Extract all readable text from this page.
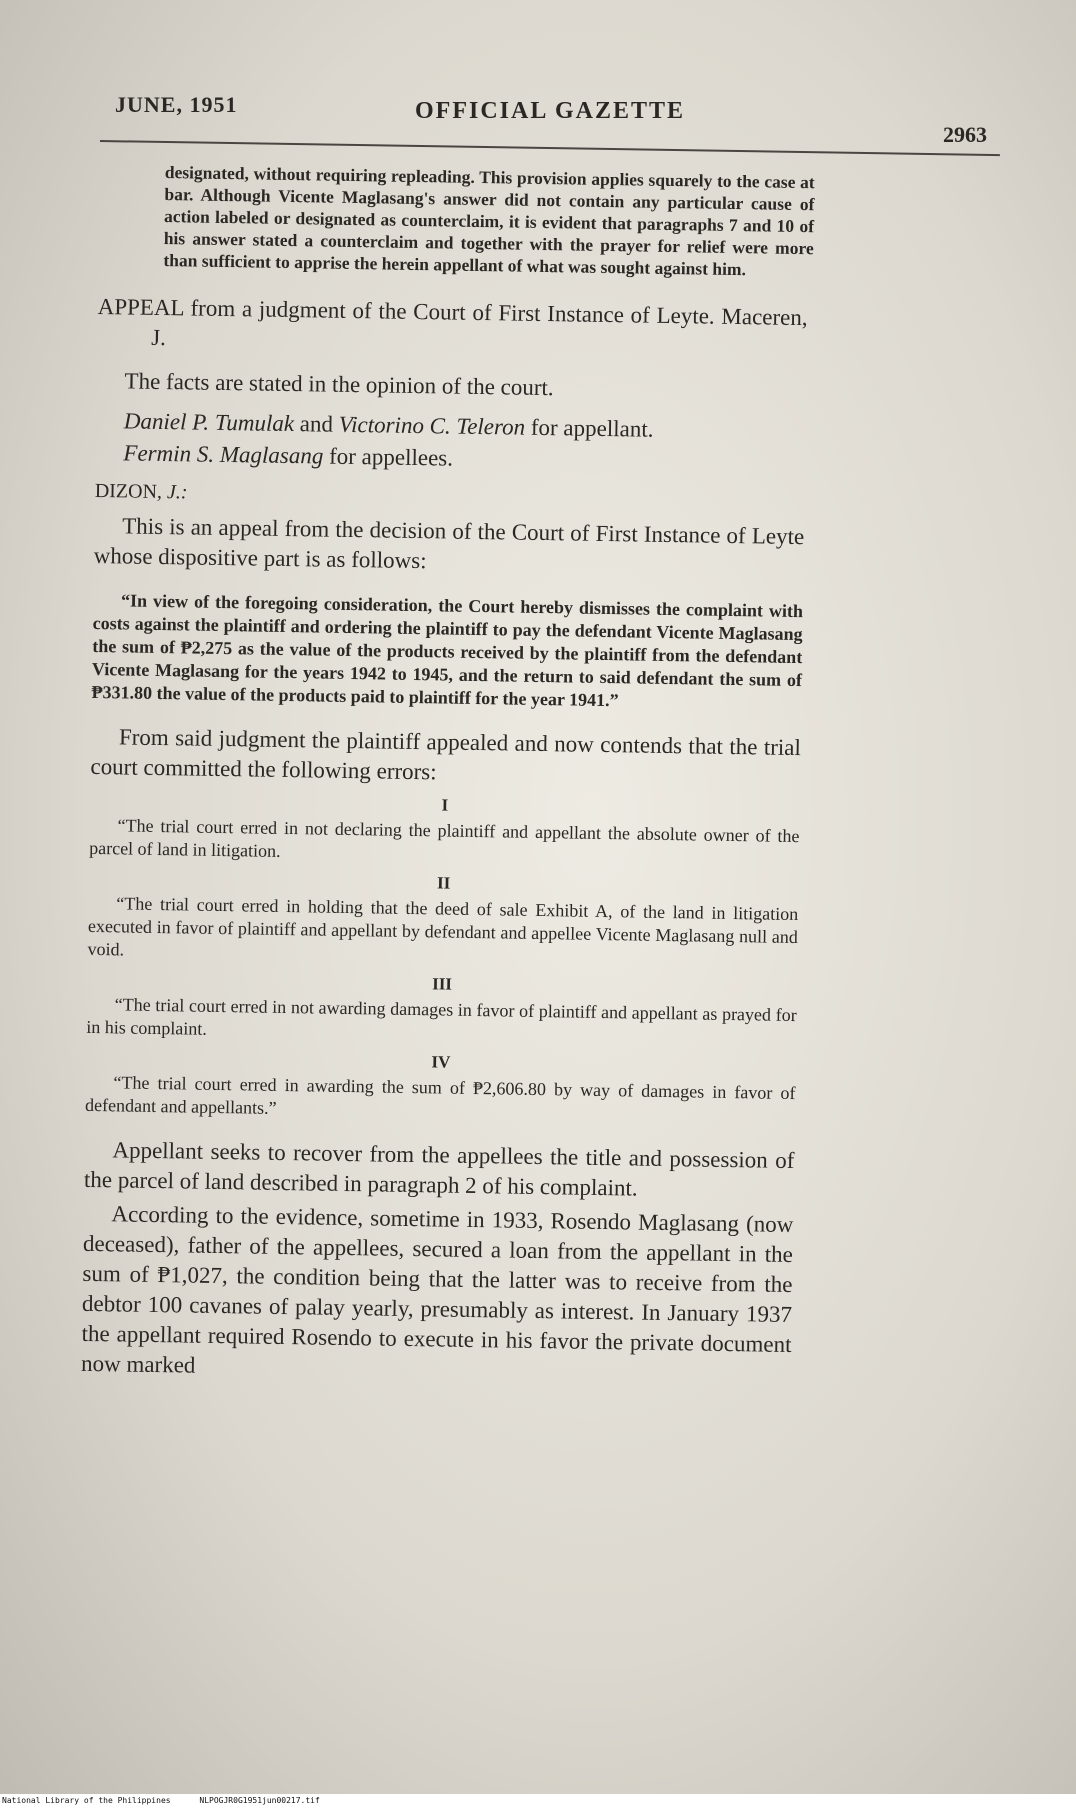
JUNE, 1951	OFFICIAL GAZETTE
2963

designated, without requiring repleading. This provision applies squarely to the case at bar. Although Vicente Maglasang's answer did not contain any particular cause of action labeled or designated as counterclaim, it is evident that paragraphs 7 and 10 of his answer stated a counterclaim and together with the prayer for relief were more than sufficient to apprise the herein appellant of what was sought against him.

APPEAL from a judgment of the Court of First Instance of Leyte. Maceren, J.

The facts are stated in the opinion of the court.

Daniel P. Tumulak and Victorino C. Teleron for appellant.

Fermin S. Maglasang for appellees.

DIZON, J.:

This is an appeal from the decision of the Court of First Instance of Leyte whose dispositive part is as follows:

“In view of the foregoing consideration, the Court hereby dismisses the complaint with costs against the plaintiff and ordering the plaintiff to pay the defendant Vicente Maglasang the sum of ₱2,275 as the value of the products received by the plaintiff from the defendant Vicente Maglasang for the years 1942 to 1945, and the return to said defendant the sum of ₱331.80 the value of the products paid to plaintiff for the year 1941.”

From said judgment the plaintiff appealed and now contends that the trial court committed the following errors:

I

“The trial court erred in not declaring the plaintiff and appellant the absolute owner of the parcel of land in litigation.

II

“The trial court erred in holding that the deed of sale Exhibit A, of the land in litigation executed in favor of plaintiff and appellant by defendant and appellee Vicente Maglasang null and void.

III

“The trial court erred in not awarding damages in favor of plaintiff and appellant as prayed for in his complaint.

IV

“The trial court erred in awarding the sum of ₱2,606.80 by way of damages in favor of defendant and appellants.”

Appellant seeks to recover from the appellees the title and possession of the parcel of land described in paragraph 2 of his complaint.

According to the evidence, sometime in 1933, Rosendo Maglasang (now deceased), father of the appellees, secured a loan from the appellant in the sum of ₱1,027, the condition being that the latter was to receive from the debtor 100 cavanes of palay yearly, presumably as interest. In January 1937 the appellant required Rosendo to execute in his favor the private document now marked

National Library of the Philippines	NLPOGJR0G1951jun00217.tif
